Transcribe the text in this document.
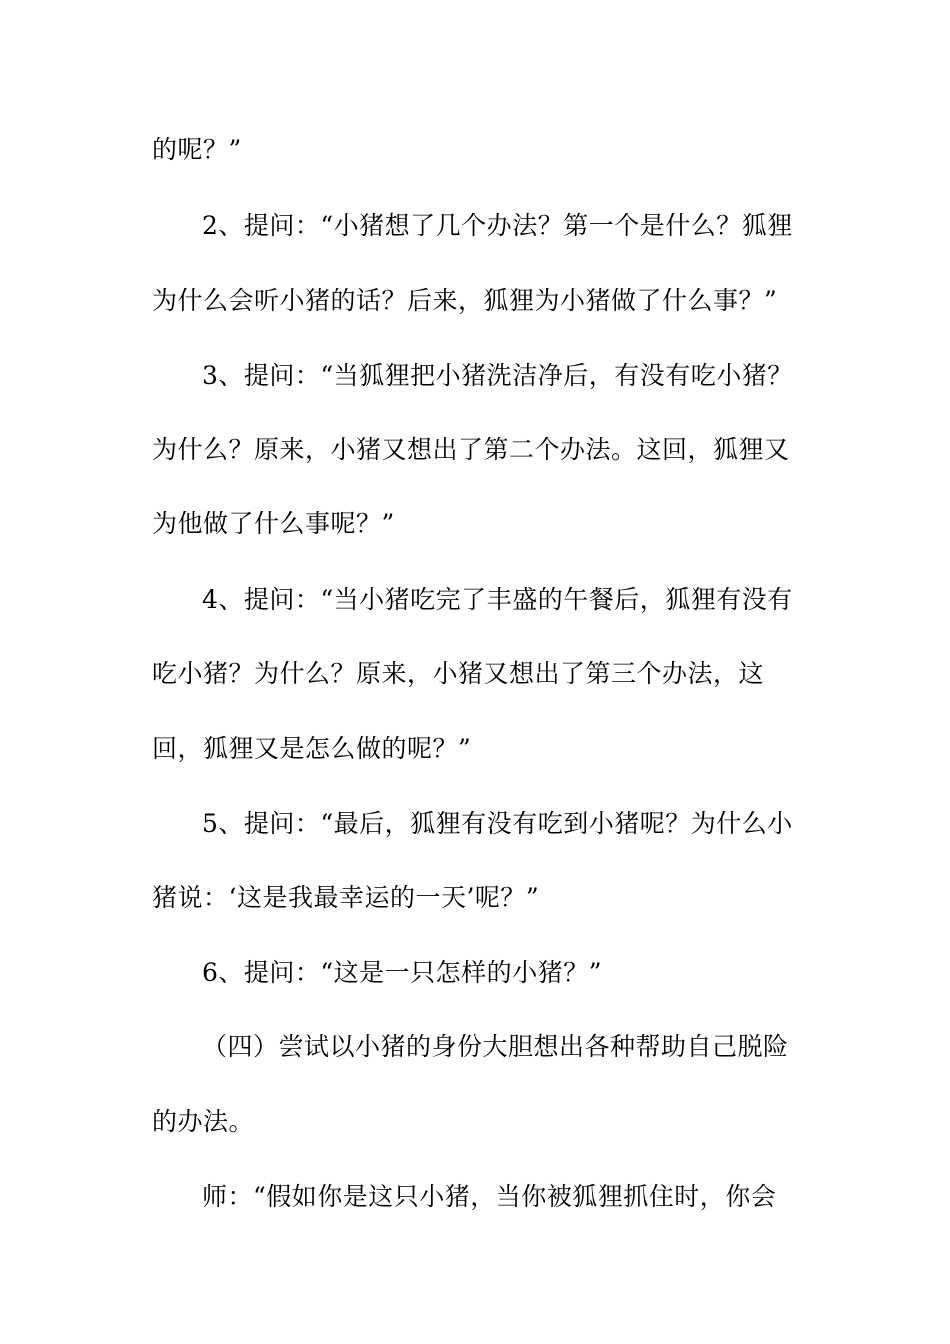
的呢？”
2、提问：“小猪想了几个办法？第一个是什么？狐狸
为什么会听小猪的话？后来，狐狸为小猪做了什么事？”
3、提问：“当狐狸把小猪洗洁净后，有没有吃小猪？
为什么？原来，小猪又想出了第二个办法。这回，狐狸又
为他做了什么事呢？”
4、提问：“当小猪吃完了丰盛的午餐后，狐狸有没有
吃小猪？为什么？原来，小猪又想出了第三个办法，这
回，狐狸又是怎么做的呢？”
5、提问：“最后，狐狸有没有吃到小猪呢？为什么小
猪说：‘这是我最幸运的一天’呢？”
6、提问：“这是一只怎样的小猪？”
（四）尝试以小猪的身份大胆想出各种帮助自己脱险
的办法。
师：“假如你是这只小猪，当你被狐狸抓住时，你会
